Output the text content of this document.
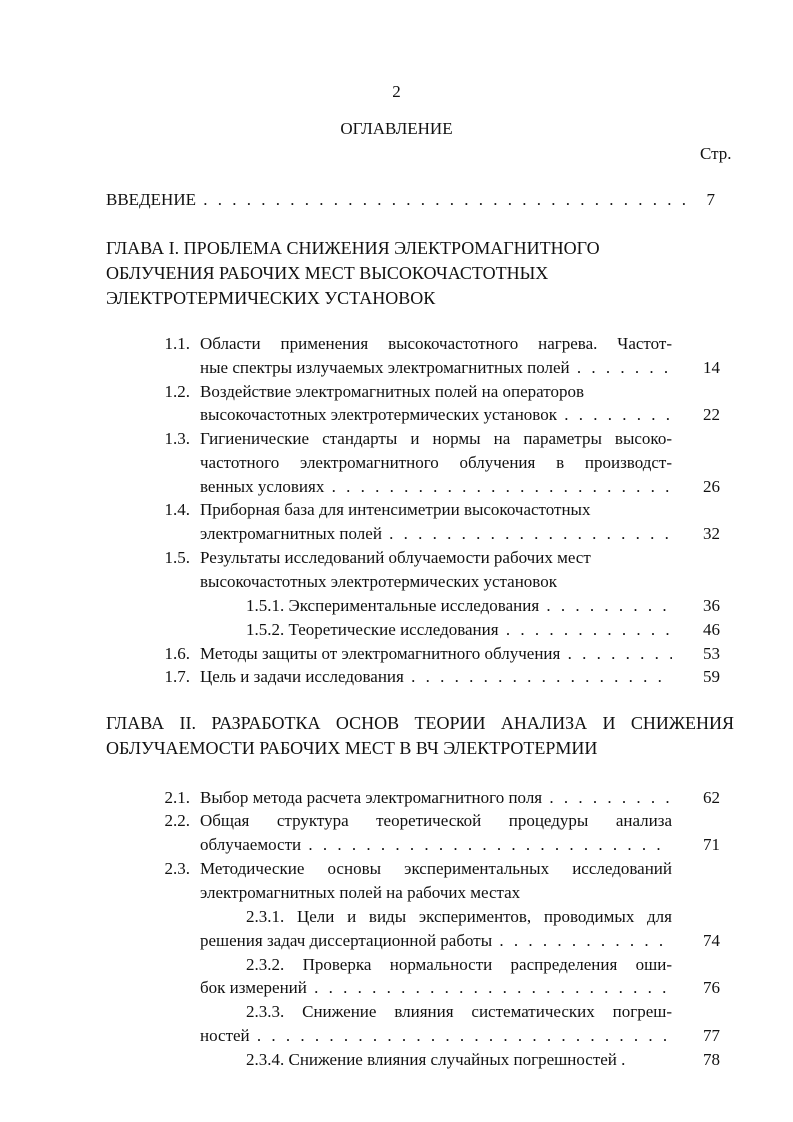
2
ОГЛАВЛЕНИЕ
Стр.
ВВЕДЕНИЕ . . .	7
ГЛАВА I. ПРОБЛЕМА СНИЖЕНИЯ ЭЛЕКТРОМАГНИТНОГО
ОБЛУЧЕНИЯ РАБОЧИХ МЕСТ ВЫСОКОЧАСТОТНЫХ
ЭЛЕКТРОТЕРМИЧЕСКИХ УСТАНОВОК
1.1. Области применения высокочастотного нагрева. Частот-
ные спектры излучаемых электромагнитных полей . . .	14
1.2. Воздействие электромагнитных полей на операторов
высокочастотных электротермических установок . . .	22
1.3. Гигиенические стандарты и нормы на параметры высоко-
частотного электромагнитного облучения в производст-
венных условиях . . .	26
1.4. Приборная база для интенсиметрии высокочастотных
электромагнитных полей . . .	32
1.5. Результаты исследований облучаемости рабочих мест
высокочастотных электротермических установок
1.5.1. Экспериментальные исследования . . .	36
1.5.2. Теоретические исследования . . .	46
1.6. Методы защиты от электромагнитного облучения . . .	53
1.7. Цель и задачи исследования . . .	59
ГЛАВА II. РАЗРАБОТКА ОСНОВ ТЕОРИИ АНАЛИЗА И СНИЖЕНИЯ
ОБЛУЧАЕМОСТИ РАБОЧИХ МЕСТ В ВЧ ЭЛЕКТРОТЕРМИИ
2.1. Выбор метода расчета электромагнитного поля . . .	62
2.2. Общая структура теоретической процедуры анализа
облучаемости . . .	71
2.3. Методические основы экспериментальных исследований
электромагнитных полей на рабочих местах
2.3.1. Цели и виды экспериментов, проводимых для
решения задач диссертационной работы . . .	74
2.3.2. Проверка нормальности распределения оши-
бок измерений . . .	76
2.3.3. Снижение влияния систематических погреш-
ностей . . .	77
2.3.4. Снижение влияния случайных погрешностей .	78
